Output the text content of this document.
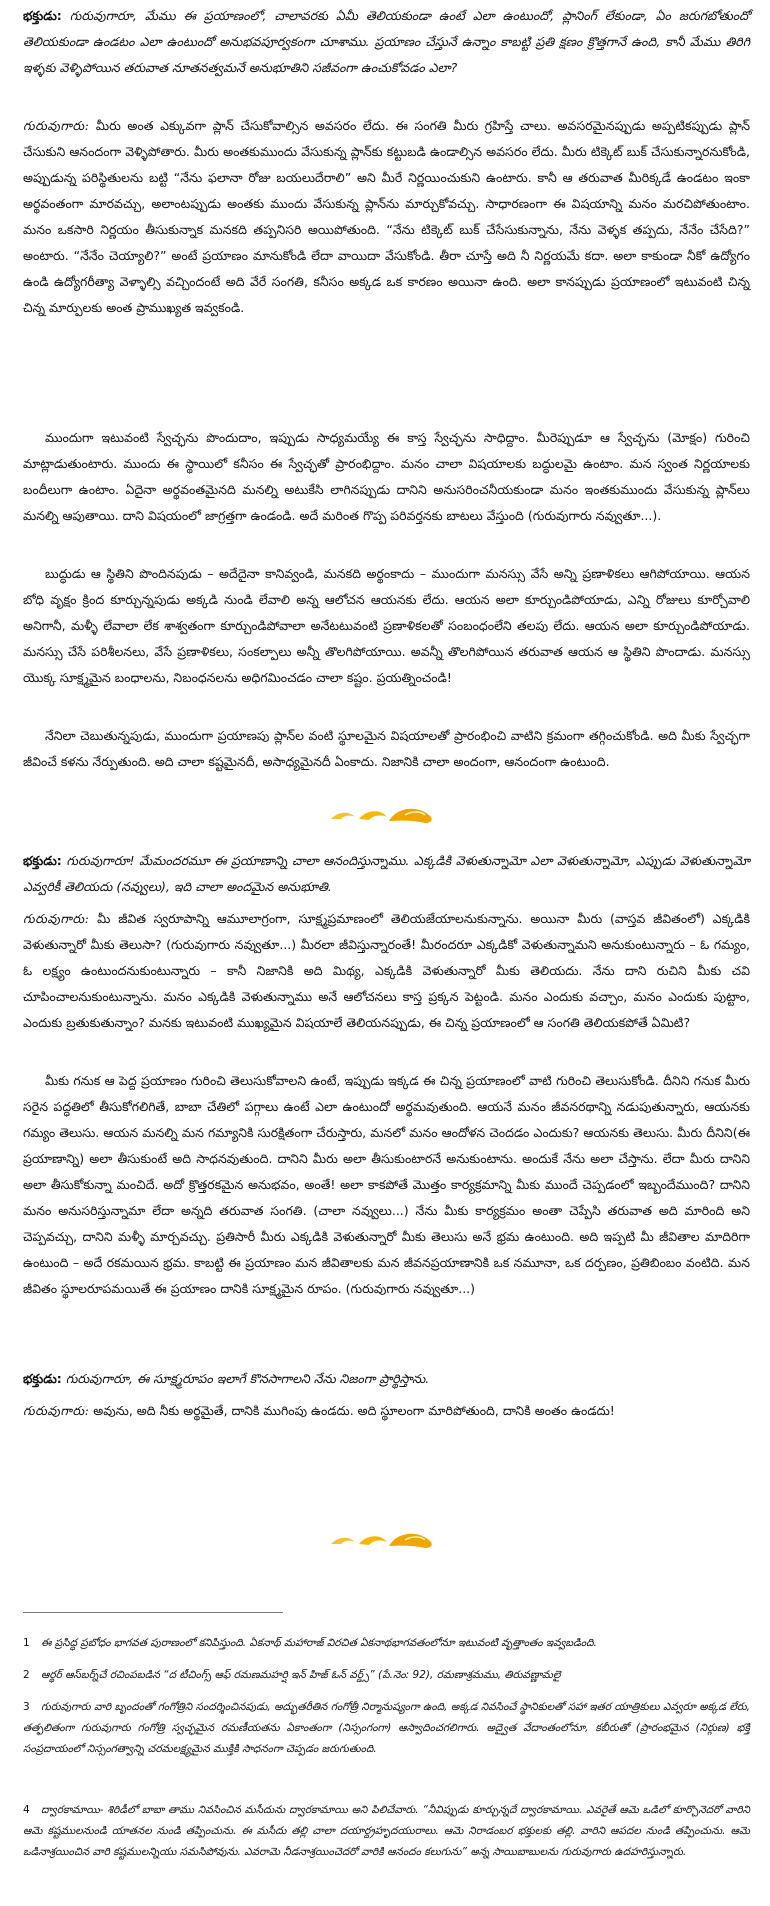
భక్తుడు: గురువుగారూ, మేము ఈ ప్రయాణంలో, చాలావరకు ఏమీ తెలియకుండా ఉంటే ఎలా ఉంటుందో, ప్లానింగ్ లేకుండా, ఏం జరుగబోతుందో తెలియకుండా ఉండటం ఎలా ఉంటుందో అనుభవపూర్వకంగా చూశాము. ప్రయాణం చేస్తునే ఉన్నాం కాబట్టి ప్రతి క్షణం క్రొత్తగానే ఉంది, కానీ మేము తిరిగి ఇళ్ళకు వెళ్ళిపోయిన తరువాత నూతనత్వమనే అనుభూతిని సజీవంగా ఉంచుకోవడం ఎలా?

గురువుగారు: మీరు అంత ఎక్కువగా ప్లాన్ చేసుకోవాల్సిన అవసరం లేదు. ఈ సంగతి మీరు గ్రహిస్తే చాలు. అవసరమైనప్పుడు అప్పటికప్పుడు ప్లాన్ చేసుకుని ఆనందంగా వెళ్ళిపోతారు. మీరు అంతకుముందు వేసుకున్న ప్లాన్‌కు కట్టుబడి ఉండాల్సిన అవసరం లేదు. మీరు టిక్కెట్ బుక్ చేసుకున్నారనుకోండి, అప్పుడున్న పరిస్థితులను బట్టి “నేను ఫలానా రోజు బయలుదేరాలి” అని మీరే నిర్ణయించుకుని ఉంటారు. కానీ ఆ తరువాత మీరిక్కడే ఉండటం ఇంకా అర్థవంతంగా మారవచ్చు, అలాంటప్పుడు అంతకు ముందు వేసుకున్న ప్లాన్‌ను మార్చుకోవచ్చు. సాధారణంగా ఈ విషయాన్ని మనం మరచిపోతుంటాం. మనం ఒకసారి నిర్ణయం తీసుకున్నాక మనకది తప్పనిసరి అయిపోతుంది. “నేను టిక్కెట్ బుక్ చేసేసుకున్నాను, నేను వెళ్ళక తప్పదు, నేనేం చేసేది?” అంటారు. “నేనేం చెయ్యాలి?” అంటే ప్రయాణం మానుకోండి లేదా వాయిదా వేసుకోండి. తీరా చూస్తే అది నీ నిర్ణయమే కదా. అలా కాకుండా నీకో ఉద్యోగం ఉండి ఉద్యోగరీత్యా వెళ్ళాల్సి వచ్చిందంటే అది వేరే సంగతి, కనీసం అక్కడ ఒక కారణం అయినా ఉంది. అలా కానప్పుడు ప్రయాణంలో ఇటువంటి చిన్న చిన్న మార్పులకు అంత ప్రాముఖ్యత ఇవ్వకండి.

ముందుగా ఇటువంటి స్వేచ్ఛను పొందుదాం, ఇప్పుడు సాధ్యమయ్యే ఈ కాస్త స్వేచ్ఛను సాధిద్దాం. మీరెప్పుడూ ఆ స్వేచ్ఛను (మోక్షం) గురించి మాట్లాడుతుంటారు. ముందు ఈ స్థాయిలో కనీసం ఈ స్వేచ్ఛతో ప్రారంభిద్దాం. మనం చాలా విషయాలకు బద్ధులమై ఉంటాం. మన స్వంత నిర్ణయాలకు బందీలుగా ఉంటాం. ఏదైనా అర్థవంతమైనది మనల్ని అటుకేసి లాగినప్పుడు దానిని అనుసరించనీయకుండా మనం ఇంతకుముందు వేసుకున్న ప్లాన్‌లు మనల్ని ఆపుతాయి. దాని విషయంలో జాగ్రత్తగా ఉండండి. అదే మరింత గొప్ప పరివర్తనకు బాటలు వేస్తుంది (గురువుగారు నవ్వుతూ...).

బుద్ధుడు ఆ స్థితిని పొందినపుడు – అదేదైనా కానివ్వండి, మనకది అర్థంకాదు – ముందుగా మనస్సు వేసే అన్ని ప్రణాళికలు ఆగిపోయాయి. ఆయన బోధి వృక్షం క్రింద కూర్చున్నపుడు అక్కడి నుండి లేవాలి అన్న ఆలోచన ఆయనకు లేదు. ఆయన అలా కూర్చుండిపోయాడు, ఎన్ని రోజులు కూర్చోవాలి అనిగానీ, మళ్ళీ లేవాలా లేక శాశ్వతంగా కూర్చుండిపోవాలా అనేటటువంటి ప్రణాళికలతో సంబంధంలేని తలపు లేదు. ఆయన అలా కూర్చుండిపోయాడు. మనస్సు చేసే పరిశీలనలు, వేసే ప్రణాళికలు, సంకల్పాలు అన్నీ తొలగిపోయాయి. అవన్నీ తొలగిపోయిన తరువాత ఆయన ఆ స్థితిని పొందాడు. మనస్సు యొక్క సూక్ష్మమైన బంధాలను, నిబంధనలను అధిగమించడం చాలా కష్టం. ప్రయత్నించండి!

నేనిలా చెబుతున్నపుడు, ముందుగా ప్రయాణపు ప్లాన్‌ల వంటి స్థూలమైన విషయాలతో ప్రారంభించి వాటిని క్రమంగా తగ్గించుకోండి. అది మీకు స్వేచ్ఛగా జీవించే కళను నేర్పుతుంది. అది చాలా కష్టమైనదీ, అసాధ్యమైనదీ ఏంకాదు. నిజానికి చాలా అందంగా, ఆనందంగా ఉంటుంది.

భక్తుడు: గురువుగారూ! మేమందరమూ ఈ ప్రయాణాన్ని చాలా ఆనందిస్తున్నాము. ఎక్కడికి వెళుతున్నామో ఎలా వెళుతున్నామో, ఎప్పుడు వెళుతున్నామో ఎవ్వరికీ తెలియదు (నవ్వులు), ఇది చాలా అందమైన అనుభూతి.

గురువుగారు: మీ జీవిత స్వరూపాన్ని ఆమూలాగ్రంగా, సూక్ష్మప్రమాణంలో తెలియజేయాలనుకున్నాను. అయినా మీరు (వాస్తవ జీవితంలో) ఎక్కడికి వెళుతున్నారో మీకు తెలుసా? (గురువుగారు నవ్వుతూ...) మీరలా జీవిస్తున్నారంతే! మీరందరూ ఎక్కడికో వెళుతున్నామని అనుకుంటున్నారు – ఓ గమ్యం, ఓ లక్ష్యం ఉంటుందనుకుంటున్నారు – కానీ నిజానికి అది మిథ్య, ఎక్కడికి వెళుతున్నారో మీకు తెలియదు. నేను దాని రుచిని మీకు చవి చూపించాలనుకుంటున్నాను. మనం ఎక్కడికి వెళుతున్నాము అనే ఆలోచనలు కాస్త ప్రక్కన పెట్టండి. మనం ఎందుకు వచ్చాం, మనం ఎందుకు పుట్టాం, ఎందుకు బ్రతుకుతున్నాం? మనకు ఇటువంటి ముఖ్యమైన విషయాలే తెలియనప్పుడు, ఈ చిన్న ప్రయాణంలో ఆ సంగతి తెలియకపోతే ఏమిటి?

మీకు గనుక ఆ పెద్ద ప్రయాణం గురించి తెలుసుకోవాలని ఉంటే, ఇప్పుడు ఇక్కడ ఈ చిన్న ప్రయాణంలో వాటి గురించి తెలుసుకోండి. దీనిని గనుక మీరు సరైన పద్ధతిలో తీసుకోగలిగితే, బాబా చేతిలో పగ్గాలు ఉంటే ఎలా ఉంటుందో అర్థమవుతుంది. ఆయనే మనం జీవనరథాన్ని నడుపుతున్నారు, ఆయనకు గమ్యం తెలుసు. ఆయన మనల్ని మన గమ్యానికి సురక్షితంగా చేరుస్తారు, మనలో మనం ఆందోళన చెందడం ఎందుకు? ఆయనకు తెలుసు. మీరు దీనిని(ఈ ప్రయాణాన్ని) అలా తీసుకుంటే అది సాధనవుతుంది. దానిని మీరు అలా తీసుకుంటారనే అనుకుంటాను. అందుకే నేను అలా చేస్తాను. లేదా మీరు దానిని అలా తీసుకోకున్నా మంచిదే. అదో క్రొత్తరకమైన అనుభవం, అంతే! అలా కాకపోతే మొత్తం కార్యక్రమాన్ని మీకు ముందే చెప్పడంలో ఇబ్బందేముంది? దానిని మనం అనుసరిస్తున్నామా లేదా అన్నది తరువాత సంగతి. (చాలా నవ్వులు...) నేను మీకు కార్యక్రమం అంతా చెప్పేసి తరువాత అది మారింది అని చెప్పవచ్చు, దానిని మళ్ళీ మార్చవచ్చు. ప్రతిసారీ మీరు ఎక్కడికి వెళుతున్నారో మీకు తెలుసు అనే భ్రమ ఉంటుంది. అది ఇప్పటి మీ జీవితాల మాదిరిగా ఉంటుంది – అదే రకమయిన భ్రమ. కాబట్టి ఈ ప్రయాణం మన జీవితాలకు మన జీవనప్రయాణానికి ఒక నమూనా, ఒక దర్పణం, ప్రతిబింబం వంటిది. మన జీవితం స్థూలరూపమయితే ఈ ప్రయాణం దానికి సూక్ష్మమైన రూపం. (గురువుగారు నవ్వుతూ...)

భక్తుడు: గురువుగారూ, ఈ సూక్ష్మరూపం ఇలాగే కొనసాగాలని నేను నిజంగా ప్రార్థిస్తాను.

గురువుగారు: అవును, అది నీకు అర్థమైతే, దానికి ముగింపు ఉండదు. అది స్థూలంగా మారిపోతుంది, దానికి అంతం ఉండదు!

1 ఈ ప్రసిద్ధ ప్రబోధం భాగవత పురాణంలో కనిపిస్తుంది. ఏకనాథ్ మహారాజ్ విరచిత ఏకనాథభాగవతంలోనూ ఇటువంటి వృత్తాంతం ఇవ్వబడింది.

2 ఆర్థర్ ఆస్‌బర్న్‌చే రచింపబడిన “ద టీచింగ్స్ ఆఫ్ రమణమహర్షి ఇన్ హిజ్ ఓన్ వర్డ్స్” (పే.నెం: 92), రమణాశ్రమము, తిరువణ్ణామలై

3 గురువుగారు వారి బృందంతో గంగోత్రిని సందర్శించినపుడు, అద్భుతరీతిన గంగోత్రీ నిర్మానుష్యంగా ఉంది, అక్కడ నివసించే స్థానికులతో సహా ఇతర యాత్రికులు ఎవ్వరూ అక్కడ లేరు, తత్ఫలితంగా గురువుగారు గంగోత్రి స్వచ్ఛమైన రమణీయతను ఏకాంతంగా (నిస్సంగంగా) ఆస్వాదించగలిగారు. అద్వైత వేదాంతంలోనూ, కబీరుతో (ప్రారంభమైన (నిర్గుణ) భక్తి సంప్రదాయంలో నిస్సంగత్వాన్ని చరమలక్ష్యమైన ముక్తికి సాధనంగా చెప్పడం జరుగుతుంది.

4 ద్వారకామాయి- శిరిడీలో బాబా తాము నివసించిన మసీదును ద్వారకామాయి అని పిలిచేవారు. “నీవిప్పుడు కూర్చున్నదే ద్వారకామాయి. ఎవరైతే ఆమె ఒడిలో కూర్చొనెదరో వారిని ఆమె కష్టములనుండి యాతనల నుండి తప్పించును. ఈ మసీదు తల్లి చాలా దయార్ద్రహృదయురాలు. ఆమె నిరాడంబర భక్తులకు తల్లి. వారిని ఆపదల నుండి తప్పించును. ఆమె ఒడినాశ్రయించిన వారి కష్టములన్నియు సమసిపోవును. ఎవరామె నీడనాశ్రయించెదరో వారికి ఆనందం కలుగును” అన్న సాయిబాబులను గురువుగారు ఉదహరిస్తున్నారు.
